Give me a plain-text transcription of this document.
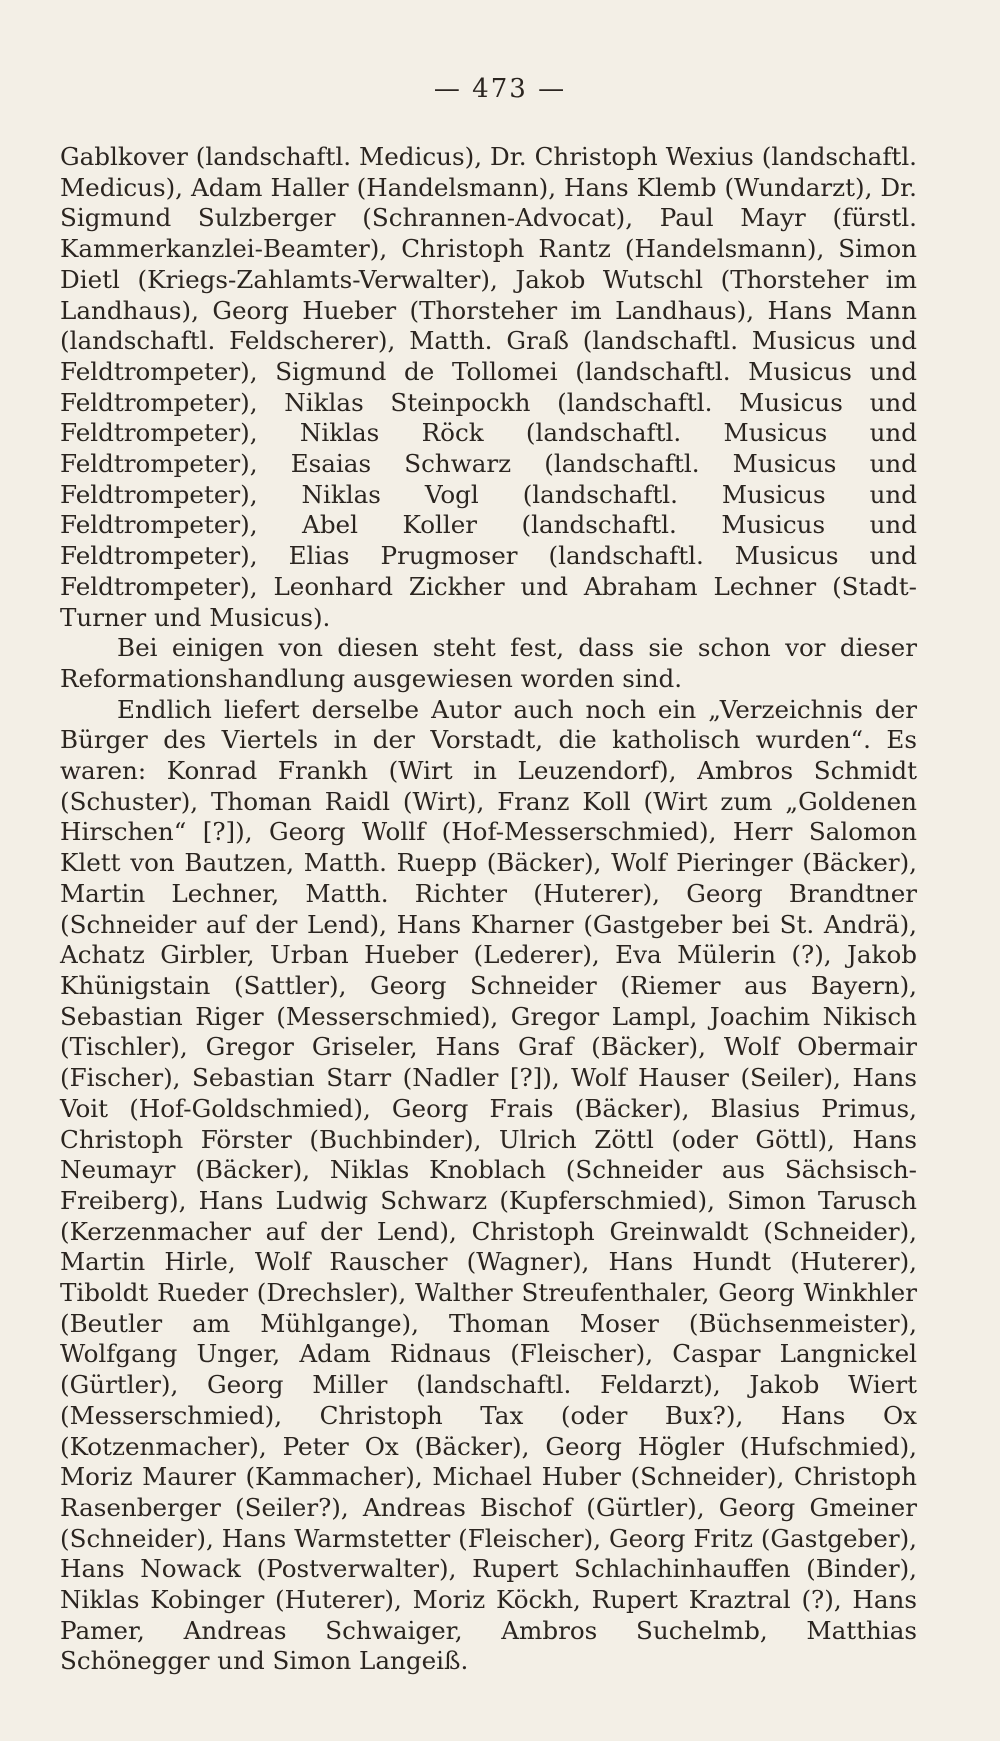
— 473 —

Gablkover (landschaftl. Medicus), Dr. Christoph Wexius (landschaftl. Medicus), Adam Haller (Handelsmann), Hans Klemb (Wundarzt), Dr. Sigmund Sulzberger (Schrannen-Advocat), Paul Mayr (fürstl. Kammerkanzlei-Beamter), Christoph Rantz (Handelsmann), Simon Dietl (Kriegs-Zahlamts-Verwalter), Jakob Wutschl (Thorsteher im Landhaus), Georg Hueber (Thorsteher im Landhaus), Hans Mann (landschaftl. Feldscherer), Matth. Graß (landschaftl. Musicus und Feldtrompeter), Sigmund de Tollomei (landschaftl. Musicus und Feldtrompeter), Niklas Steinpockh (landschaftl. Musicus und Feldtrompeter), Niklas Röck (landschaftl. Musicus und Feldtrompeter), Esaias Schwarz (landschaftl. Musicus und Feldtrompeter), Niklas Vogl (landschaftl. Musicus und Feldtrompeter), Abel Koller (landschaftl. Musicus und Feldtrompeter), Elias Prugmoser (landschaftl. Musicus und Feldtrompeter), Leonhard Zickher und Abraham Lechner (Stadt-Turner und Musicus).

Bei einigen von diesen steht fest, dass sie schon vor dieser Reformationshandlung ausgewiesen worden sind.

Endlich liefert derselbe Autor auch noch ein „Verzeichnis der Bürger des Viertels in der Vorstadt, die katholisch wurden“. Es waren: Konrad Frankh (Wirt in Leuzendorf), Ambros Schmidt (Schuster), Thoman Raidl (Wirt), Franz Koll (Wirt zum „Goldenen Hirschen“ [?]), Georg Wollf (Hof-Messerschmied), Herr Salomon Klett von Bautzen, Matth. Ruepp (Bäcker), Wolf Pieringer (Bäcker), Martin Lechner, Matth. Richter (Huterer), Georg Brandtner (Schneider auf der Lend), Hans Kharner (Gastgeber bei St. Andrä), Achatz Girbler, Urban Hueber (Lederer), Eva Mülerin (?), Jakob Khünigstain (Sattler), Georg Schneider (Riemer aus Bayern), Sebastian Riger (Messerschmied), Gregor Lampl, Joachim Nikisch (Tischler), Gregor Griseler, Hans Graf (Bäcker), Wolf Obermair (Fischer), Sebastian Starr (Nadler [?]), Wolf Hauser (Seiler), Hans Voit (Hof-Goldschmied), Georg Frais (Bäcker), Blasius Primus, Christoph Förster (Buchbinder), Ulrich Zöttl (oder Göttl), Hans Neumayr (Bäcker), Niklas Knoblach (Schneider aus Sächsisch-Freiberg), Hans Ludwig Schwarz (Kupferschmied), Simon Tarusch (Kerzenmacher auf der Lend), Christoph Greinwaldt (Schneider), Martin Hirle, Wolf Rauscher (Wagner), Hans Hundt (Huterer), Tiboldt Rueder (Drechsler), Walther Streufenthaler, Georg Winkhler (Beutler am Mühlgange), Thoman Moser (Büchsenmeister), Wolfgang Unger, Adam Ridnaus (Fleischer), Caspar Langnickel (Gürtler), Georg Miller (landschaftl. Feldarzt), Jakob Wiert (Messerschmied), Christoph Tax (oder Bux?), Hans Ox (Kotzenmacher), Peter Ox (Bäcker), Georg Högler (Hufschmied), Moriz Maurer (Kammacher), Michael Huber (Schneider), Christoph Rasenberger (Seiler?), Andreas Bischof (Gürtler), Georg Gmeiner (Schneider), Hans Warmstetter (Fleischer), Georg Fritz (Gastgeber), Hans Nowack (Postverwalter), Rupert Schlachinhauffen (Binder), Niklas Kobinger (Huterer), Moriz Köckh, Rupert Kraztral (?), Hans Pamer, Andreas Schwaiger, Ambros Suchelmb, Matthias Schönegger und Simon Langeiß.
